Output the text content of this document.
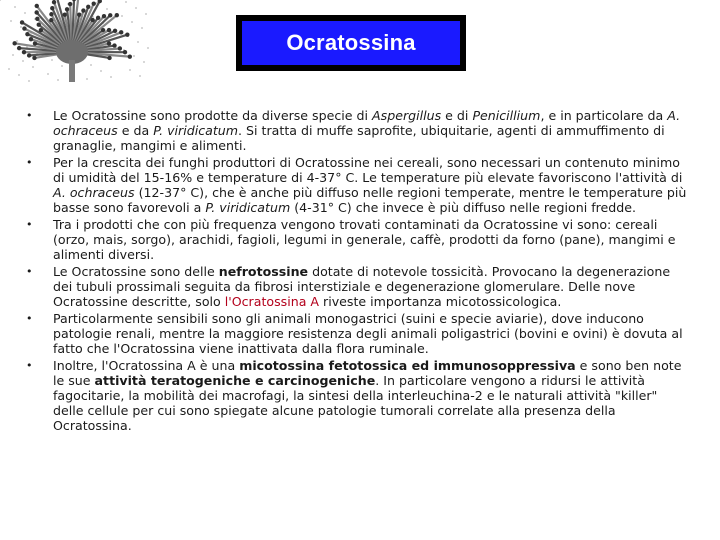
Ocratossina
• Le Ocratossine sono prodotte da diverse specie di Aspergillus e di Penicillium, e in particolare da A. ochraceus e da P. viridicatum. Si tratta di muffe saprofite, ubiquitarie, agenti di ammuffimento di granaglie, mangimi e alimenti.
• Per la crescita dei funghi produttori di Ocratossine nei cereali, sono necessari un contenuto minimo di umidità del 15-16% e temperature di 4-37° C. Le temperature più elevate favoriscono l'attività di A. ochraceus (12-37° C), che è anche più diffuso nelle regioni temperate, mentre le temperature più basse sono favorevoli a P. viridicatum (4-31° C) che invece è più diffuso nelle regioni fredde.
• Tra i prodotti che con più frequenza vengono trovati contaminati da Ocratossine vi sono: cereali (orzo, mais, sorgo), arachidi, fagioli, legumi in generale, caffè, prodotti da forno (pane), mangimi e alimenti diversi.
• Le Ocratossine sono delle nefrotossine dotate di notevole tossicità. Provocano la degenerazione dei tubuli prossimali seguita da fibrosi interstiziale e degenerazione glomerulare. Delle nove Ocratossine descritte, solo l'Ocratossina A riveste importanza micotossicologica.
• Particolarmente sensibili sono gli animali monogastrici (suini e specie aviarie), dove inducono patologie renali, mentre la maggiore resistenza degli animali poligastrici (bovini e ovini) è dovuta al fatto che l'Ocratossina viene inattivata dalla flora ruminale.
• Inoltre, l'Ocratossina A è una micotossina fetotossica ed immunosoppressiva e sono ben note le sue attività teratogeniche e carcinogeniche. In particolare vengono a ridursi le attività fagocitarie, la mobilità dei macrofagi, la sintesi della interleuchina-2 e le naturali attività "killer" delle cellule per cui sono spiegate alcune patologie tumorali correlate alla presenza della Ocratossina.
